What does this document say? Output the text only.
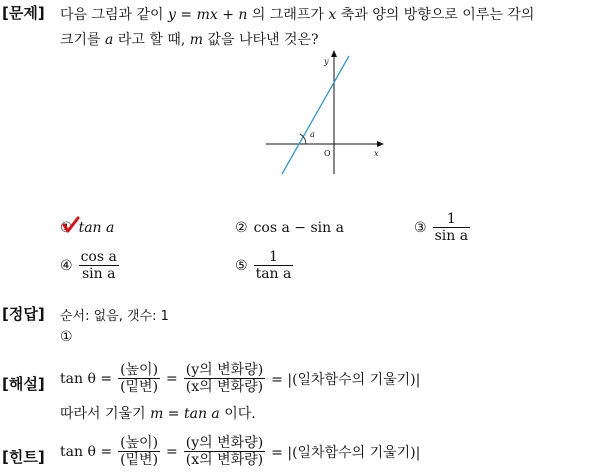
[문제] 다음 그림과 같이 y = mx + n 의 그래프가 x 축과 양의 방향으로 이루는 각의
크기를 a 라고 할 때, m 값을 나타낸 것은?
a
y
x
O
① tan a	② cos a − sin a	③ $\frac{1}{\text{sin a}}$
④ $\frac{\text{cos a}}{\text{sin a}}$	⑤ $\frac{1}{\text{tan a}}$
[정답] 순서: 없음, 갯수: 1
①
[해설] $\tan \theta = \frac{\text{(높이)}}{\text{(밑변)}} = \frac{\text{(y의 변화량)}}{\text{(x의 변화량)}}$ = |(일차함수의 기울기)|
따라서 기울기 m = tan a 이다.
[힌트] $\tan \theta = \frac{\text{(높이)}}{\text{(밑변)}} = \frac{\text{(y의 변화량)}}{\text{(x의 변화량)}}$ = |(일차함수의 기울기)|
